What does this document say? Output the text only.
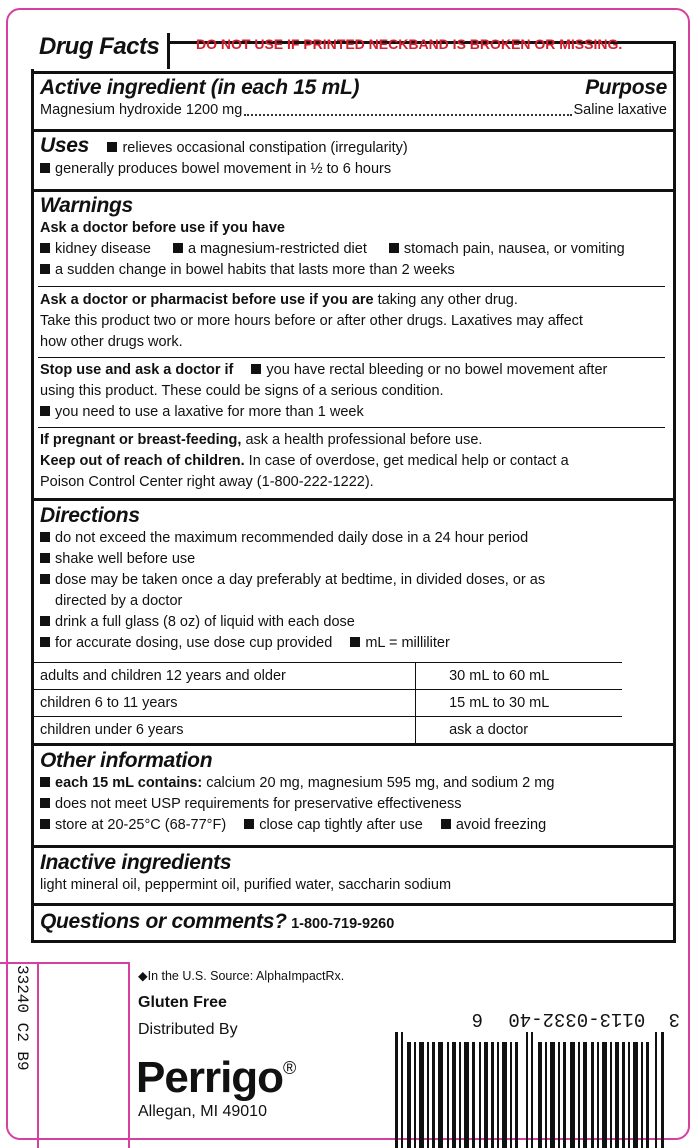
Drug Facts	DO NOT USE IF PRINTED NECKBAND IS BROKEN OR MISSING.
Active ingredient (in each 15 mL)	Purpose
Magnesium hydroxide 1200 mg	Saline laxative
Uses relieves occasional constipation (irregularity)
generally produces bowel movement in ½ to 6 hours
Warnings
Ask a doctor before use if you have
kidney disease	a magnesium-restricted diet	stomach pain, nausea, or vomiting
a sudden change in bowel habits that lasts more than 2 weeks
Ask a doctor or pharmacist before use if you are taking any other drug.
Take this product two or more hours before or after other drugs. Laxatives may affect
how other drugs work.
Stop use and ask a doctor if you have rectal bleeding or no bowel movement after
using this product. These could be signs of a serious condition.
you need to use a laxative for more than 1 week
If pregnant or breast-feeding, ask a health professional before use.
Keep out of reach of children. In case of overdose, get medical help or contact a
Poison Control Center right away (1-800-222-1222).
Directions
do not exceed the maximum recommended daily dose in a 24 hour period
shake well before use
dose may be taken once a day preferably at bedtime, in divided doses, or as
directed by a doctor
drink a full glass (8 oz) of liquid with each dose
for accurate dosing, use dose cup provided mL = milliliter
adults and children 12 years and older	30 mL to 60 mL
children 6 to 11 years	15 mL to 30 mL
children under 6 years	ask a doctor
Other information
each 15 mL contains: calcium 20 mg, magnesium 595 mg, and sodium 2 mg
does not meet USP requirements for preservative effectiveness
store at 20-25°C (68-77°F) close cap tightly after use avoid freezing
Inactive ingredients
light mineral oil, peppermint oil, purified water, saccharin sodium
Questions or comments? 1-800-719-9260
◆In the U.S. Source: AlphaImpactRx.
Gluten Free
Distributed By
Perrigo®
Allegan, MI 49010
33240 C2 B9	3 0113-0332-40 6
